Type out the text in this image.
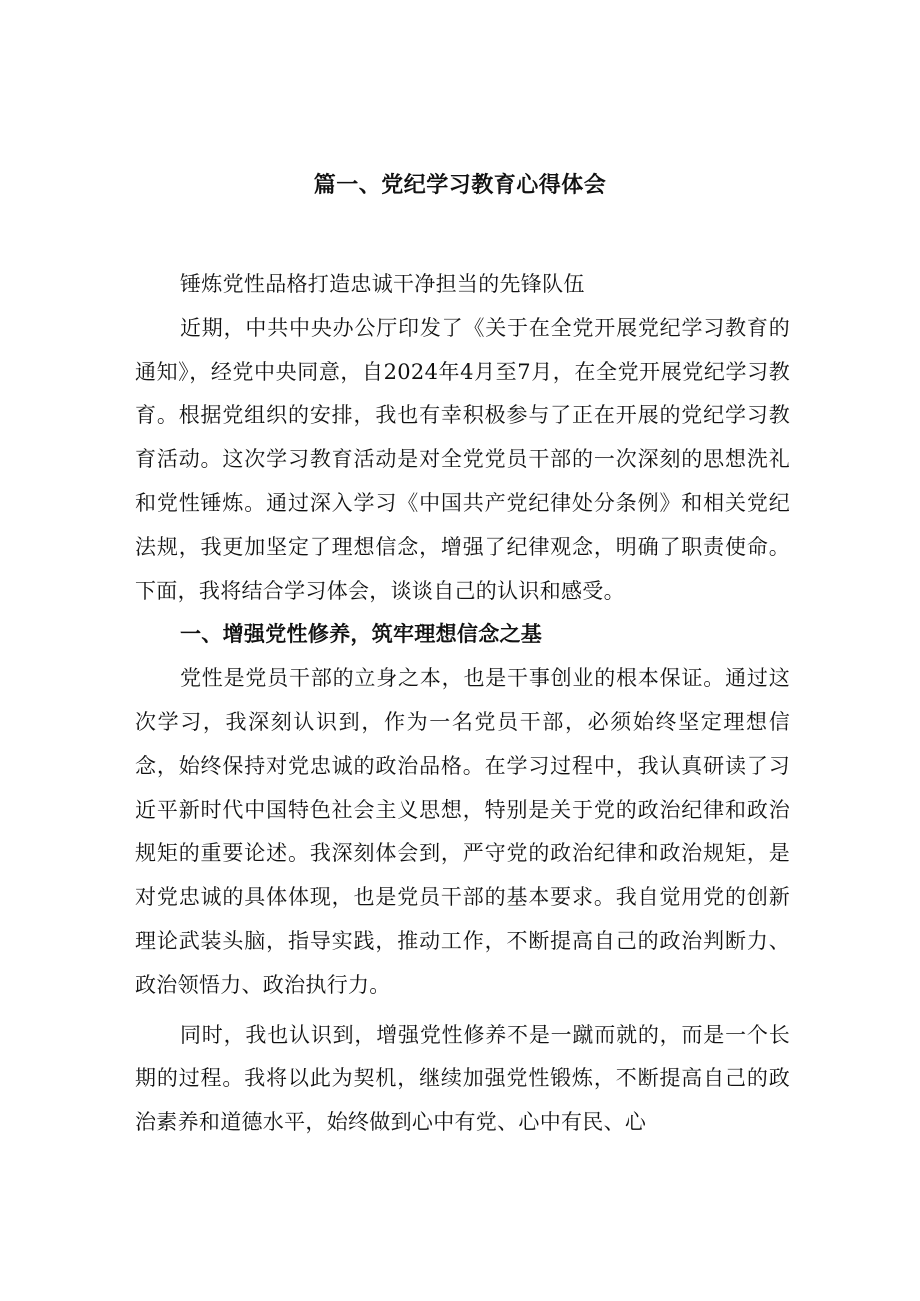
篇一、党纪学习教育心得体会

锤炼党性品格打造忠诚干净担当的先锋队伍

近期，中共中央办公厅印发了《关于在全党开展党纪学习教育的通知》，经党中央同意，自2024年4月至7月，在全党开展党纪学习教育。根据党组织的安排，我也有幸积极参与了正在开展的党纪学习教育活动。这次学习教育活动是对全党党员干部的一次深刻的思想洗礼和党性锤炼。通过深入学习《中国共产党纪律处分条例》和相关党纪法规，我更加坚定了理想信念，增强了纪律观念，明确了职责使命。下面，我将结合学习体会，谈谈自己的认识和感受。

一、增强党性修养，筑牢理想信念之基

党性是党员干部的立身之本，也是干事创业的根本保证。通过这次学习，我深刻认识到，作为一名党员干部，必须始终坚定理想信念，始终保持对党忠诚的政治品格。在学习过程中，我认真研读了习近平新时代中国特色社会主义思想，特别是关于党的政治纪律和政治规矩的重要论述。我深刻体会到，严守党的政治纪律和政治规矩，是对党忠诚的具体体现，也是党员干部的基本要求。我自觉用党的创新理论武装头脑，指导实践，推动工作，不断提高自己的政治判断力、政治领悟力、政治执行力。

同时，我也认识到，增强党性修养不是一蹴而就的，而是一个长期的过程。我将以此为契机，继续加强党性锻炼，不断提高自己的政治素养和道德水平，始终做到心中有党、心中有民、心
